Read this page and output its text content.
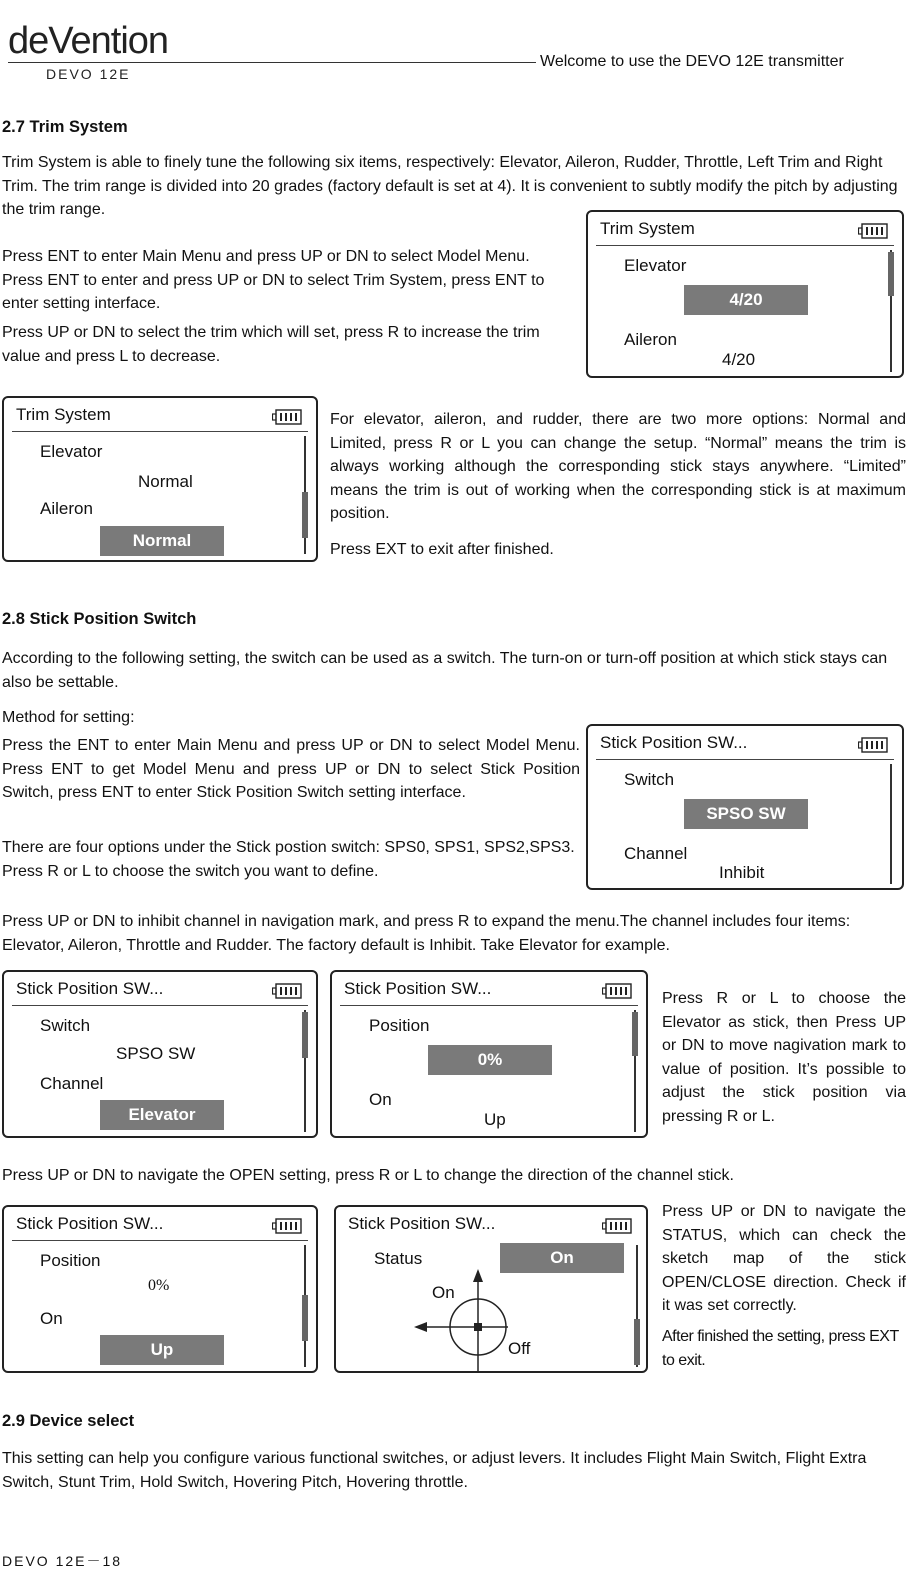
deVention
DEVO 12E
Welcome to use the DEVO 12E transmitter
2.7 Trim System

Trim System is able to finely tune the following six items, respectively: Elevator, Aileron, Rudder, Throttle, Left Trim and Right Trim. The trim range is divided into 20 grades (factory default is set at 4). It is convenient to subtly modify the pitch by adjusting the trim range.

Press ENT to enter Main Menu and press UP or DN to select Model Menu. Press ENT to enter and press UP or DN to select Trim System, press ENT to enter setting interface.

Press UP or DN to select the trim which will set, press R to increase the trim value and press L to decrease.

Trim System
Elevator
4/20
Aileron
4/20
Trim System
Elevator
Normal
Aileron
Normal

For elevator, aileron, and rudder, there are two more options: Normal and Limited, press R or L you can change the setup. “Normal” means the trim is always working although the corresponding stick stays anywhere. “Limited” means the trim is out of working when the corresponding stick is at maximum position.

Press EXT to exit after finished.

2.8 Stick Position Switch

According to the following setting, the switch can be used as a switch. The turn-on or turn-off position at which stick stays can also be settable.

Method for setting:

Press the ENT to enter Main Menu and press UP or DN to select Model Menu. Press ENT to get Model Menu and press UP or DN to select Stick Position Switch, press ENT to enter Stick Position Switch setting interface.

There are four options under the Stick postion switch: SPS0, SPS1, SPS2,SPS3. Press R or L to choose the switch you want to define.

Stick Position SW...
Switch
SPSO SW
Channel
Inhibit

Press UP or DN to inhibit channel in navigation mark, and press R to expand the menu.The channel includes four items: Elevator, Aileron, Throttle and Rudder. The factory default is Inhibit. Take Elevator for example.

Stick Position SW...
Switch
SPSO SW
Channel
Elevator
Stick Position SW...
Position
0%
On
Up

Press R or L to choose the Elevator as stick, then Press UP or DN to move nagivation mark to value of position. It’s possible to adjust the stick position via pressing R or L.

Press UP or DN to navigate the OPEN setting, press R or L to change the direction of the channel stick.

Stick Position SW...
Position
0%
On
Up
Stick Position SW...
Status	On
On
Off

Press UP or DN to navigate the STATUS, which can check the sketch map of the stick OPEN/CLOSE direction. Check if it was set correctly.

After finished the setting, press EXT to exit.

2.9 Device select

This setting can help you configure various functional switches, or adjust levers. It includes Flight Main Switch, Flight Extra Switch, Stunt Trim, Hold Switch, Hovering Pitch, Hovering throttle.

DEVO 12E－18
